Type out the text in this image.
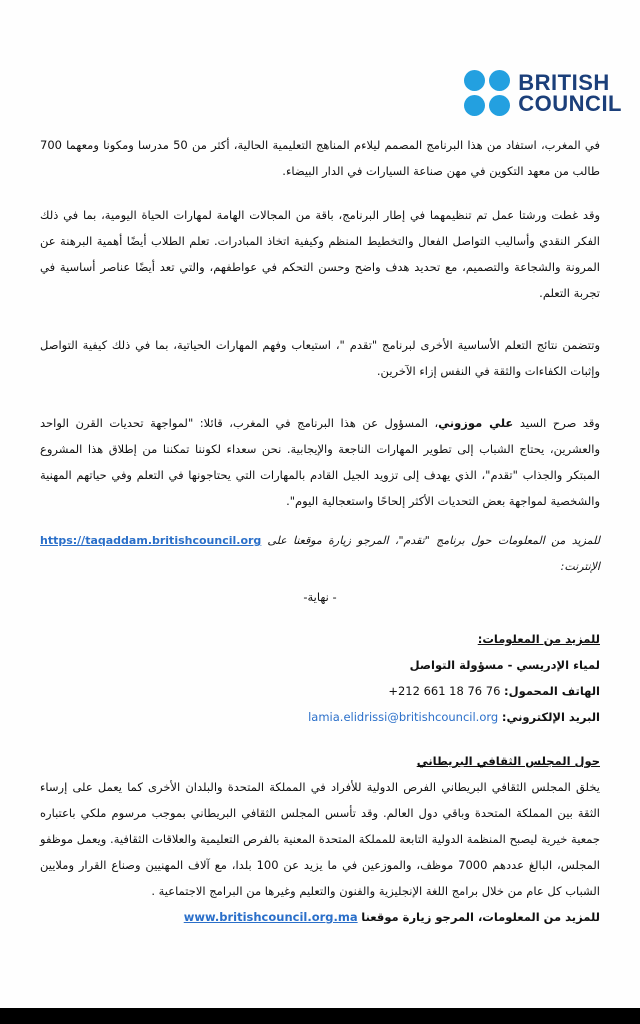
BRITISH
COUNCIL

في المغرب، استفاد من هذا البرنامج المصمم ليلاءم المناهج التعليمية الحالية، أكثر من 50 مدرسا ومكونا ومعهما 700 طالب من معهد التكوين في مهن صناعة السيارات في الدار البيضاء.

وقد غطت ورشتا عمل تم تنظيمهما في إطار البرنامج، باقة من المجالات الهامة لمهارات الحياة اليومية، بما في ذلك الفكر النقدي وأساليب التواصل الفعال والتخطيط المنظم وكيفية اتخاذ المبادرات. تعلم الطلاب أيضًا أهمية البرهنة عن المرونة والشجاعة والتصميم، مع تحديد هدف واضح وحسن التحكم في عواطفهم، والتي تعد أيضًا عناصر أساسية في تجربة التعلم.

وتتضمن نتائج التعلم الأساسية الأخرى لبرنامج "تقدم "، استيعاب وفهم المهارات الحياتية، بما في ذلك كيفية التواصل وإثبات الكفاءات والثقة في النفس إزاء الآخرين.

وقد صرح السيد علي موزوني، المسؤول عن هذا البرنامج في المغرب، قائلا: "لمواجهة تحديات القرن الواحد والعشرين، يحتاج الشباب إلى تطوير المهارات الناجعة والإيجابية. نحن سعداء لكوننا تمكننا من إطلاق هذا المشروع المبتكر والجذاب "تقدم"، الذي يهدف إلى تزويد الجيل القادم بالمهارات التي يحتاجونها في التعلم وفي حياتهم المهنية والشخصية لمواجهة بعض التحديات الأكثر إلحاحًا واستعجالية اليوم".

للمزيد من المعلومات حول برنامج "تقدم"، المرجو زيارة موقعنا على الإنترنت:
https://taqaddam.britishcouncil.org

- نهاية-

للمزيد من المعلومات:

لمياء الإدريسي - مسؤولة التواصل

الهاتف المحمول: +212 661 18 76 76

البريد الإلكتروني: lamia.elidrissi@britishcouncil.org

حول المجلس الثقافي البريطاني

يخلق المجلس الثقافي البريطاني الفرص الدولية للأفراد في المملكة المتحدة والبلدان الأخرى كما يعمل على إرساء الثقة بين المملكة المتحدة وباقي دول العالم. وقد تأسس المجلس الثقافي البريطاني بموجب مرسوم ملكي باعتباره جمعية خيرية ليصبح المنظمة الدولية التابعة للمملكة المتحدة المعنية بالفرص التعليمية والعلاقات الثقافية. ويعمل موظفو المجلس، البالغ عددهم 7000 موظف، والموزعين في ما يزيد عن 100 بلدا، مع آلاف المهنيين وصناع القرار وملايين الشباب كل عام من خلال برامج اللغة الإنجليزية والفنون والتعليم وغيرها من البرامج الاجتماعية .

للمزيد من المعلومات، المرجو زيارة موقعنا www.britishcouncil.org.ma
